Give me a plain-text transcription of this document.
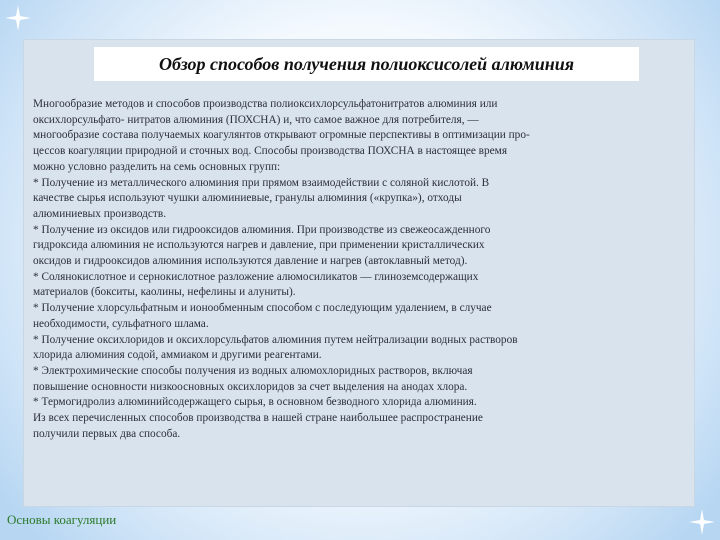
Обзор способов получения полиоксисолей алюминия

Многообразие методов и способов производства полиоксихлорсульфатонитратов алюминия или

оксихлорсульфато- нитратов алюминия (ПОХСНА) и, что самое важное для потребителя, —

многообразие состава получаемых коагулянтов открывают огромные перспективы в оптимизации про-

цессов коагуляции природной и сточных вод. Способы производства ПОХСНА в настоящее время

можно условно разделить на семь основных групп:

* Получение из металлического алюминия при прямом взаимодействии с соляной кислотой. В

качестве сырья используют чушки алюминиевые, гранулы алюминия («крупка»), отходы

алюминиевых производств.

* Получение из оксидов или гидрооксидов алюминия. При производстве из свежеосажденного

гидроксида алюминия не используются нагрев и давление, при применении кристаллических

оксидов и гидрооксидов алюминия используются давление и нагрев (автоклавный метод).

* Солянокислотное и сернокислотное разложение алюмосиликатов — глиноземсодержащих

материалов (бокситы, каолины, нефелины и алуниты).

* Получение хлорсульфатным и ионообменным способом с последующим удалением, в случае

необходимости, сульфатного шлама.

* Получение оксихлоридов и оксихлорсульфатов алюминия путем нейтрализации водных растворов

хлорида алюминия содой, аммиаком и другими реагентами.

* Электрохимические способы получения из водных алюмохлоридных растворов, включая

повышение основности низкоосновных оксихлоридов за счет выделения на анодах хлора.

* Термогидролиз алюминийсодержащего сырья, в основном безводного хлорида алюминия.

Из всех перечисленных способов производства в нашей стране наибольшее распространение

получили первых два способа.

Основы коагуляции
